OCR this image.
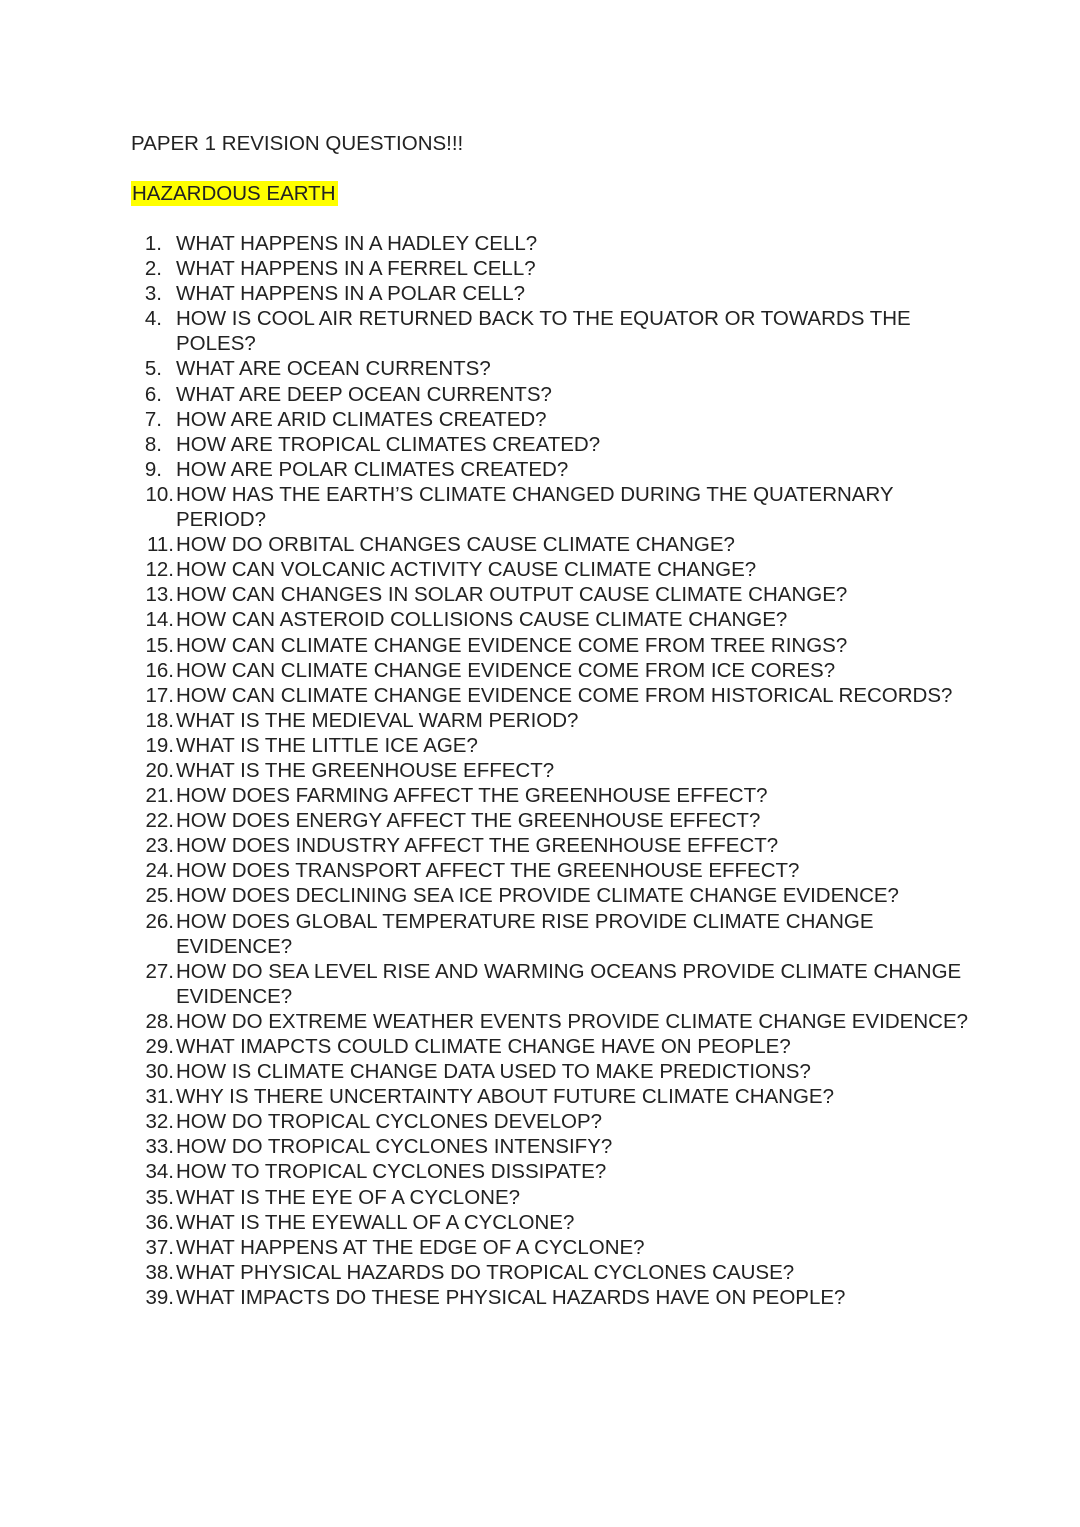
PAPER 1 REVISION QUESTIONS!!!
HAZARDOUS EARTH
1. WHAT HAPPENS IN A HADLEY CELL?
2. WHAT HAPPENS IN A FERREL CELL?
3. WHAT HAPPENS IN A POLAR CELL?
4. HOW IS COOL AIR RETURNED BACK TO THE EQUATOR OR TOWARDS THE POLES?
5. WHAT ARE OCEAN CURRENTS?
6. WHAT ARE DEEP OCEAN CURRENTS?
7. HOW ARE ARID CLIMATES CREATED?
8. HOW ARE TROPICAL CLIMATES CREATED?
9. HOW ARE POLAR CLIMATES CREATED?
10. HOW HAS THE EARTH’S CLIMATE CHANGED DURING THE QUATERNARY PERIOD?
11. HOW DO ORBITAL CHANGES CAUSE CLIMATE CHANGE?
12. HOW CAN VOLCANIC ACTIVITY CAUSE CLIMATE CHANGE?
13. HOW CAN CHANGES IN SOLAR OUTPUT CAUSE CLIMATE CHANGE?
14. HOW CAN ASTEROID COLLISIONS CAUSE CLIMATE CHANGE?
15. HOW CAN CLIMATE CHANGE EVIDENCE COME FROM TREE RINGS?
16. HOW CAN CLIMATE CHANGE EVIDENCE COME FROM ICE CORES?
17. HOW CAN CLIMATE CHANGE EVIDENCE COME FROM HISTORICAL RECORDS?
18. WHAT IS THE MEDIEVAL WARM PERIOD?
19. WHAT IS THE LITTLE ICE AGE?
20. WHAT IS THE GREENHOUSE EFFECT?
21. HOW DOES FARMING AFFECT THE GREENHOUSE EFFECT?
22. HOW DOES ENERGY AFFECT THE GREENHOUSE EFFECT?
23. HOW DOES INDUSTRY AFFECT THE GREENHOUSE EFFECT?
24. HOW DOES TRANSPORT AFFECT THE GREENHOUSE EFFECT?
25. HOW DOES DECLINING SEA ICE PROVIDE CLIMATE CHANGE EVIDENCE?
26. HOW DOES GLOBAL TEMPERATURE RISE PROVIDE CLIMATE CHANGE EVIDENCE?
27. HOW DO SEA LEVEL RISE AND WARMING OCEANS PROVIDE CLIMATE CHANGE EVIDENCE?
28. HOW DO EXTREME WEATHER EVENTS PROVIDE CLIMATE CHANGE EVIDENCE?
29. WHAT IMAPCTS COULD CLIMATE CHANGE HAVE ON PEOPLE?
30. HOW IS CLIMATE CHANGE DATA USED TO MAKE PREDICTIONS?
31. WHY IS THERE UNCERTAINTY ABOUT FUTURE CLIMATE CHANGE?
32. HOW DO TROPICAL CYCLONES DEVELOP?
33. HOW DO TROPICAL CYCLONES INTENSIFY?
34. HOW TO TROPICAL CYCLONES DISSIPATE?
35. WHAT IS THE EYE OF A CYCLONE?
36. WHAT IS THE EYEWALL OF A CYCLONE?
37. WHAT HAPPENS AT THE EDGE OF A CYCLONE?
38. WHAT PHYSICAL HAZARDS DO TROPICAL CYCLONES CAUSE?
39. WHAT IMPACTS DO THESE PHYSICAL HAZARDS HAVE ON PEOPLE?
